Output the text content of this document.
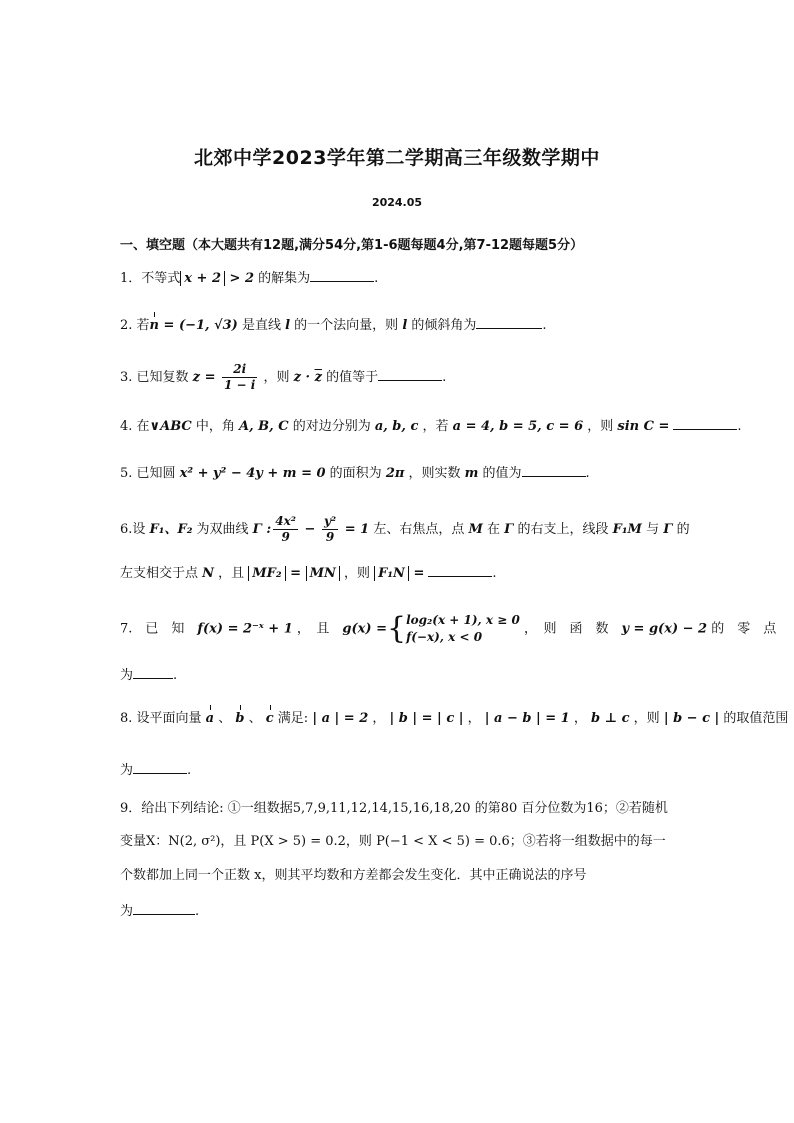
北郊中学2023学年第二学期高三年级数学期中
2024.05
一、填空题（本大题共有12题,满分54分,第1-6题每题4分,第7-12题每题5分）
1．不等式 x + 2 > 2 的解集为	.
2. 若n = (−1, √3) 是直线 l 的一个法向量，则 l 的倾斜角为	.
3. 已知复数 $z = \frac{2i}{1 - i}$ ，则 $z \cdot \overline{z}$ 的值等于	.
4. 在∨ABC 中，角 A, B, C 的对边分别为 a, b, c ，若 a = 4, b = 5, c = 6 ，则 sin C =	.
5. 已知圆 x² + y² − 4y + m = 0 的面积为 2π ，则实数 m 的值为	.
6.设 F₁、F₂ 为双曲线 Γ : $\frac{\text{4x²}}{9} - \frac{\text{y²}}{9} = 1$ 左、右焦点，点 M 在 Γ 的右支上，线段 F₁M 与 Γ 的
左支相交于点 N ，且 MF₂ = MN ，则 F₁N =	.
7.　已　知　f(x) = 2⁻ˣ + 1 ，　且　g(x) ={ log₂(x + 1), x ≥ 0
f(−x), x < 0
，　则　函　数　y = g(x) − 2 的　零　点
为	.
8. 设平面向量 a 、 b 、 c 满足: | a | = 2 ， | b | = | c | ， | a − b | = 1 ， b ⊥ c ，则 | b − c | 的取值范围
为	.
9．给出下列结论: ①一组数据5,7,9,11,12,14,15,16,18,20 的第80 百分位数为16；②若随机
变量X：N(2, σ²)，且 P(X > 5) = 0.2，则 P(−1 < X < 5) = 0.6；③若将一组数据中的每一
个数都加上同一个正数 x，则其平均数和方差都会发生变化．其中正确说法的序号
为	.
